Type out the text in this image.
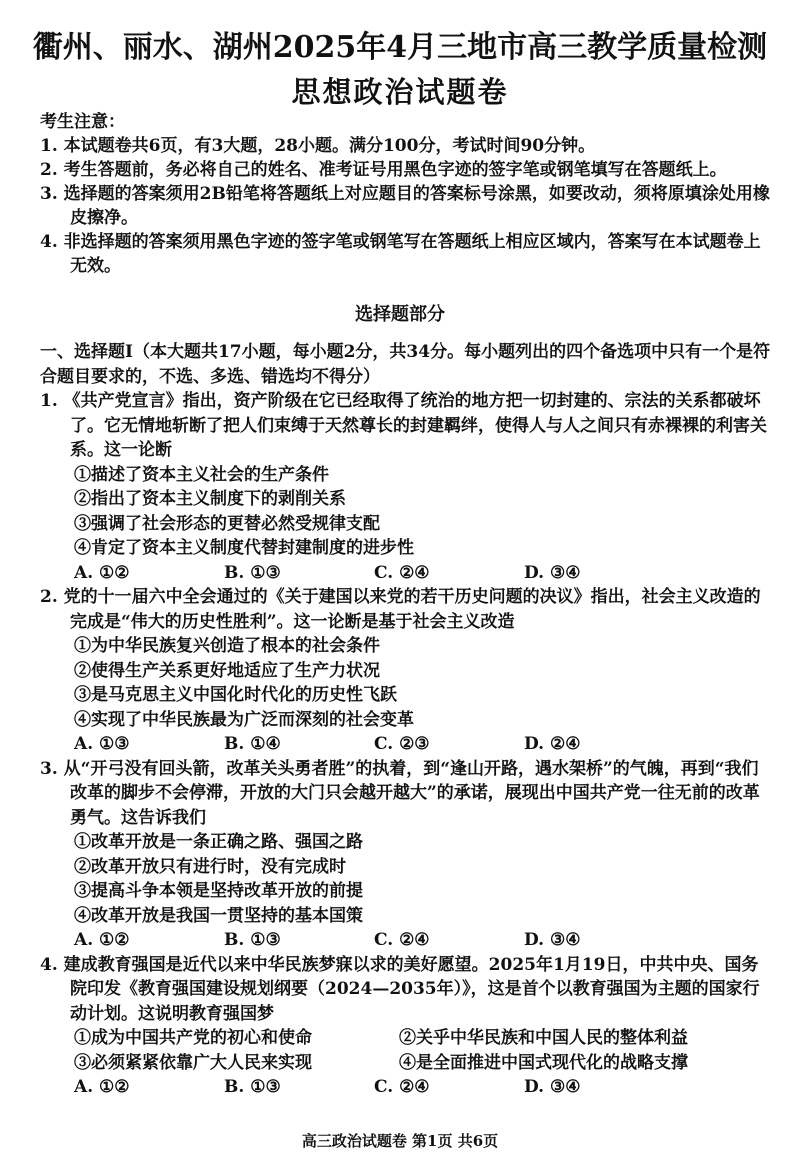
衢州、丽水、湖州2025年4月三地市高三教学质量检测
思想政治试题卷
考生注意：
1. 本试题卷共6页，有3大题，28小题。满分100分，考试时间90分钟。
2. 考生答题前，务必将自己的姓名、准考证号用黑色字迹的签字笔或钢笔填写在答题纸上。
3. 选择题的答案须用2B铅笔将答题纸上对应题目的答案标号涂黑，如要改动，须将原填涂处用橡皮擦净。
4. 非选择题的答案须用黑色字迹的签字笔或钢笔写在答题纸上相应区域内，答案写在本试题卷上无效。
选择题部分
一、选择题Ⅰ（本大题共17小题，每小题2分，共34分。每小题列出的四个备选项中只有一个是符合题目要求的，不选、多选、错选均不得分）
1. 《共产党宣言》指出，资产阶级在它已经取得了统治的地方把一切封建的、宗法的关系都破坏了。它无情地斩断了把人们束缚于天然尊长的封建羁绊，使得人与人之间只有赤裸裸的利害关系。这一论断
①描述了资本主义社会的生产条件
②指出了资本主义制度下的剥削关系
③强调了社会形态的更替必然受规律支配
④肯定了资本主义制度代替封建制度的进步性
A. ①②	B. ①③	C. ②④	D. ③④
2. 党的十一届六中全会通过的《关于建国以来党的若干历史问题的决议》指出，社会主义改造的完成是“伟大的历史性胜利”。这一论断是基于社会主义改造
①为中华民族复兴创造了根本的社会条件
②使得生产关系更好地适应了生产力状况
③是马克思主义中国化时代化的历史性飞跃
④实现了中华民族最为广泛而深刻的社会变革
A. ①③	B. ①④	C. ②③	D. ②④
3. 从“开弓没有回头箭，改革关头勇者胜”的执着，到“逢山开路，遇水架桥”的气魄，再到“我们改革的脚步不会停滞，开放的大门只会越开越大”的承诺，展现出中国共产党一往无前的改革勇气。这告诉我们
①改革开放是一条正确之路、强国之路
②改革开放只有进行时，没有完成时
③提高斗争本领是坚持改革开放的前提
④改革开放是我国一贯坚持的基本国策
A. ①②	B. ①③	C. ②④	D. ③④
4. 建成教育强国是近代以来中华民族梦寐以求的美好愿望。2025年1月19日，中共中央、国务院印发《教育强国建设规划纲要（2024—2035年）》，这是首个以教育强国为主题的国家行动计划。这说明教育强国梦
①成为中国共产党的初心和使命	②关乎中华民族和中国人民的整体利益
③必须紧紧依靠广大人民来实现	④是全面推进中国式现代化的战略支撑
A. ①②	B. ①③	C. ②④	D. ③④
高三政治试题卷 第1页 共6页
